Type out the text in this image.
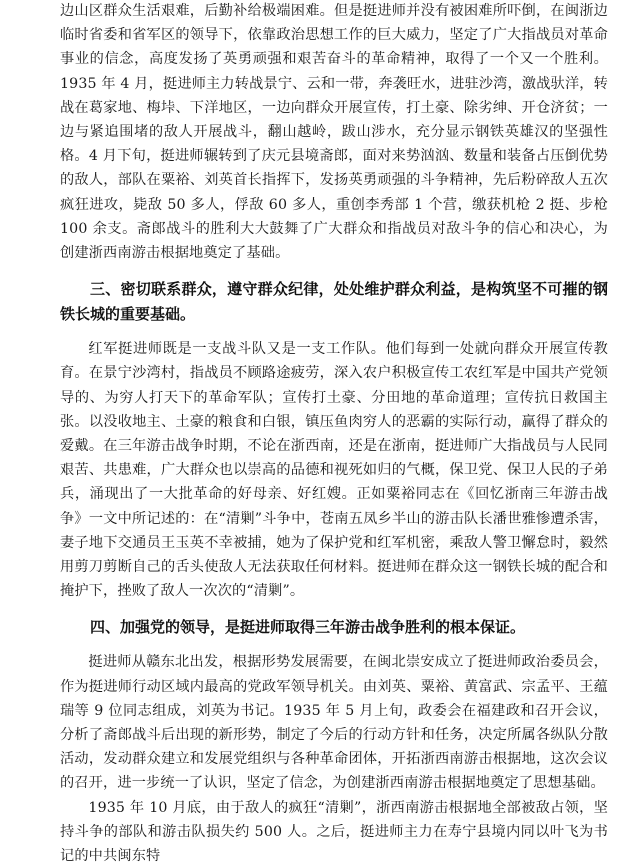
边山区群众生活艰难，后勤补给极端困难。但是挺进师并没有被困难所吓倒，在闽浙边临时省委和省军区的领导下，依靠政治思想工作的巨大威力，坚定了广大指战员对革命事业的信念，高度发扬了英勇顽强和艰苦奋斗的革命精神，取得了一个又一个胜利。1935 年 4 月，挺进师主力转战景宁、云和一带，奔袭旺水，进驻沙湾，激战驮洋，转战在葛家地、梅垰、下洋地区，一边向群众开展宣传，打土豪、除劣绅、开仓济贫；一边与紧追围堵的敌人开展战斗，翻山越岭，跋山涉水，充分显示钢铁英雄汉的坚强性格。4 月下旬，挺进师辗转到了庆元县境斋郎，面对来势汹汹、数量和装备占压倒优势的敌人，部队在粟裕、刘英首长指挥下，发扬英勇顽强的斗争精神，先后粉碎敌人五次疯狂进攻，毙敌 50 多人，俘敌 60 多人，重创李秀部 1 个营，缴获机枪 2 挺、步枪 100 余支。斋郎战斗的胜利大大鼓舞了广大群众和指战员对敌斗争的信心和决心，为创建浙西南游击根据地奠定了基础。

三、密切联系群众，遵守群众纪律，处处维护群众利益，是构筑坚不可摧的钢铁长城的重要基础。

红军挺进师既是一支战斗队又是一支工作队。他们每到一处就向群众开展宣传教育。在景宁沙湾村，指战员不顾路途疲劳，深入农户积极宣传工农红军是中国共产党领导的、为穷人打天下的革命军队；宣传打土豪、分田地的革命道理；宣传抗日救国主张。以没收地主、土豪的粮食和白银，镇压鱼肉穷人的恶霸的实际行动，赢得了群众的爱戴。在三年游击战争时期，不论在浙西南，还是在浙南，挺进师广大指战员与人民同艰苦、共患难，广大群众也以崇高的品德和视死如归的气概，保卫党、保卫人民的子弟兵，涌现出了一大批革命的好母亲、好红嫂。正如粟裕同志在《回忆浙南三年游击战争》一文中所记述的：在“清剿”斗争中，苍南五凤乡半山的游击队长潘世雅惨遭杀害，妻子地下交通员王玉英不幸被捕，她为了保护党和红军机密，乘敌人警卫懈怠时，毅然用剪刀剪断自己的舌头使敌人无法获取任何材料。挺进师在群众这一钢铁长城的配合和掩护下，挫败了敌人一次次的“清剿”。

四、加强党的领导，是挺进师取得三年游击战争胜利的根本保证。

挺进师从赣东北出发，根据形势发展需要，在闽北崇安成立了挺进师政治委员会，作为挺进师行动区域内最高的党政军领导机关。由刘英、粟裕、黄富武、宗孟平、王蕴瑞等 9 位同志组成，刘英为书记。1935 年 5 月上旬，政委会在福建政和召开会议，分析了斋郎战斗后出现的新形势，制定了今后的行动方针和任务，决定所属各纵队分散活动，发动群众建立和发展党组织与各种革命团体，开拓浙西南游击根据地，这次会议的召开，进一步统一了认识，坚定了信念，为创建浙西南游击根据地奠定了思想基础。

1935 年 10 月底，由于敌人的疯狂“清剿”，浙西南游击根据地全部被敌占领，坚持斗争的部队和游击队损失约 500 人。之后，挺进师主力在寿宁县境内同以叶飞为书记的中共闽东特
